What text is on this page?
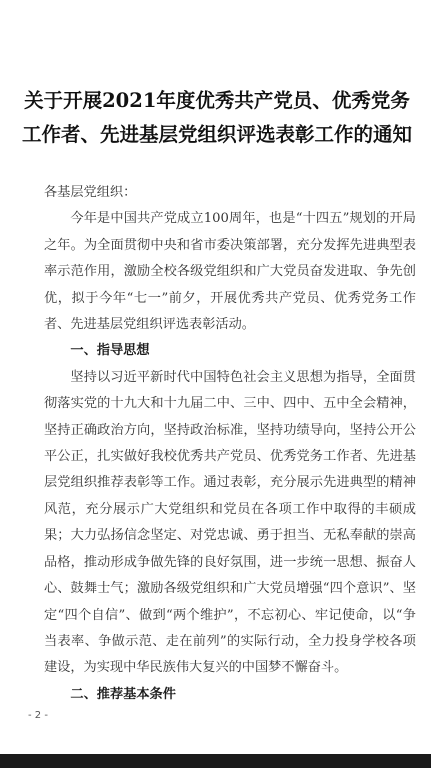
关于开展2021年度优秀共产党员、优秀党务工作者、先进基层党组织评选表彰工作的通知

各基层党组织：

今年是中国共产党成立100周年，也是“十四五”规划的开局之年。为全面贯彻中央和省市委决策部署，充分发挥先进典型表率示范作用，激励全校各级党组织和广大党员奋发进取、争先创优，拟于今年“七一”前夕，开展优秀共产党员、优秀党务工作者、先进基层党组织评选表彰活动。

一、指导思想

坚持以习近平新时代中国特色社会主义思想为指导，全面贯彻落实党的十九大和十九届二中、三中、四中、五中全会精神，坚持正确政治方向，坚持政治标准，坚持功绩导向，坚持公开公平公正，扎实做好我校优秀共产党员、优秀党务工作者、先进基层党组织推荐表彰等工作。通过表彰，充分展示先进典型的精神风范，充分展示广大党组织和党员在各项工作中取得的丰硕成果；大力弘扬信念坚定、对党忠诚、勇于担当、无私奉献的崇高品格，推动形成争做先锋的良好氛围，进一步统一思想、振奋人心、鼓舞士气；激励各级党组织和广大党员增强“四个意识”、坚定“四个自信”、做到“两个维护”，不忘初心、牢记使命，以“争当表率、争做示范、走在前列”的实际行动，全力投身学校各项建设，为实现中华民族伟大复兴的中国梦不懈奋斗。

二、推荐基本条件

- 2 -
